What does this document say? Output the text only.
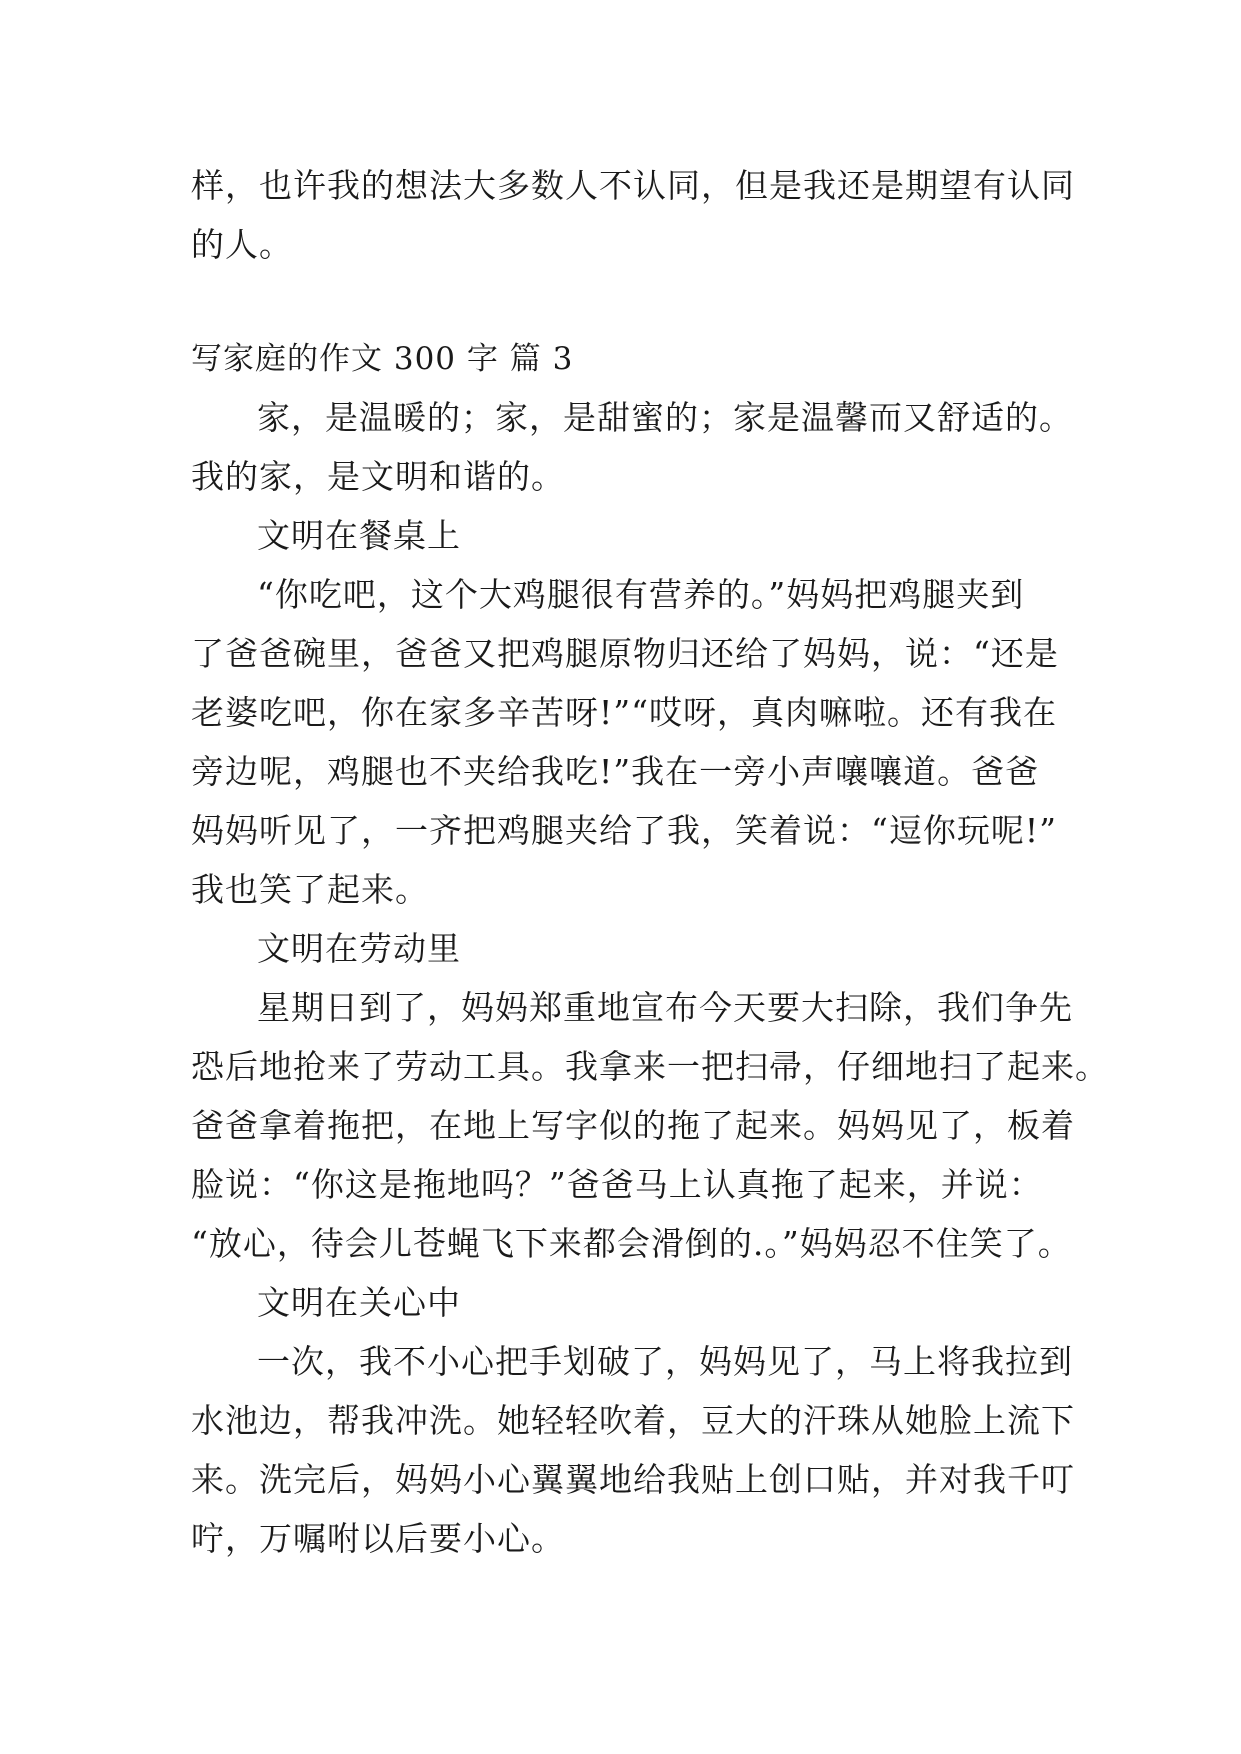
样，也许我的想法大多数人不认同，但是我还是期望有认同
的人。
写家庭的作文 300 字 篇 3
家，是温暖的；家，是甜蜜的；家是温馨而又舒适的。
我的家，是文明和谐的。
文明在餐桌上
“你吃吧，这个大鸡腿很有营养的。”妈妈把鸡腿夹到
了爸爸碗里，爸爸又把鸡腿原物归还给了妈妈，说：“还是
老婆吃吧，你在家多辛苦呀!”“哎呀，真肉嘛啦。还有我在
旁边呢，鸡腿也不夹给我吃!”我在一旁小声嚷嚷道。爸爸
妈妈听见了，一齐把鸡腿夹给了我，笑着说：“逗你玩呢!”
我也笑了起来。
文明在劳动里
星期日到了，妈妈郑重地宣布今天要大扫除，我们争先
恐后地抢来了劳动工具。我拿来一把扫帚，仔细地扫了起来。
爸爸拿着拖把，在地上写字似的拖了起来。妈妈见了，板着
脸说：“你这是拖地吗？”爸爸马上认真拖了起来，并说：
“放心，待会儿苍蝇飞下来都会滑倒的.。”妈妈忍不住笑了。
文明在关心中
一次，我不小心把手划破了，妈妈见了，马上将我拉到
水池边，帮我冲洗。她轻轻吹着，豆大的汗珠从她脸上流下
来。洗完后，妈妈小心翼翼地给我贴上创口贴，并对我千叮
咛，万嘱咐以后要小心。
